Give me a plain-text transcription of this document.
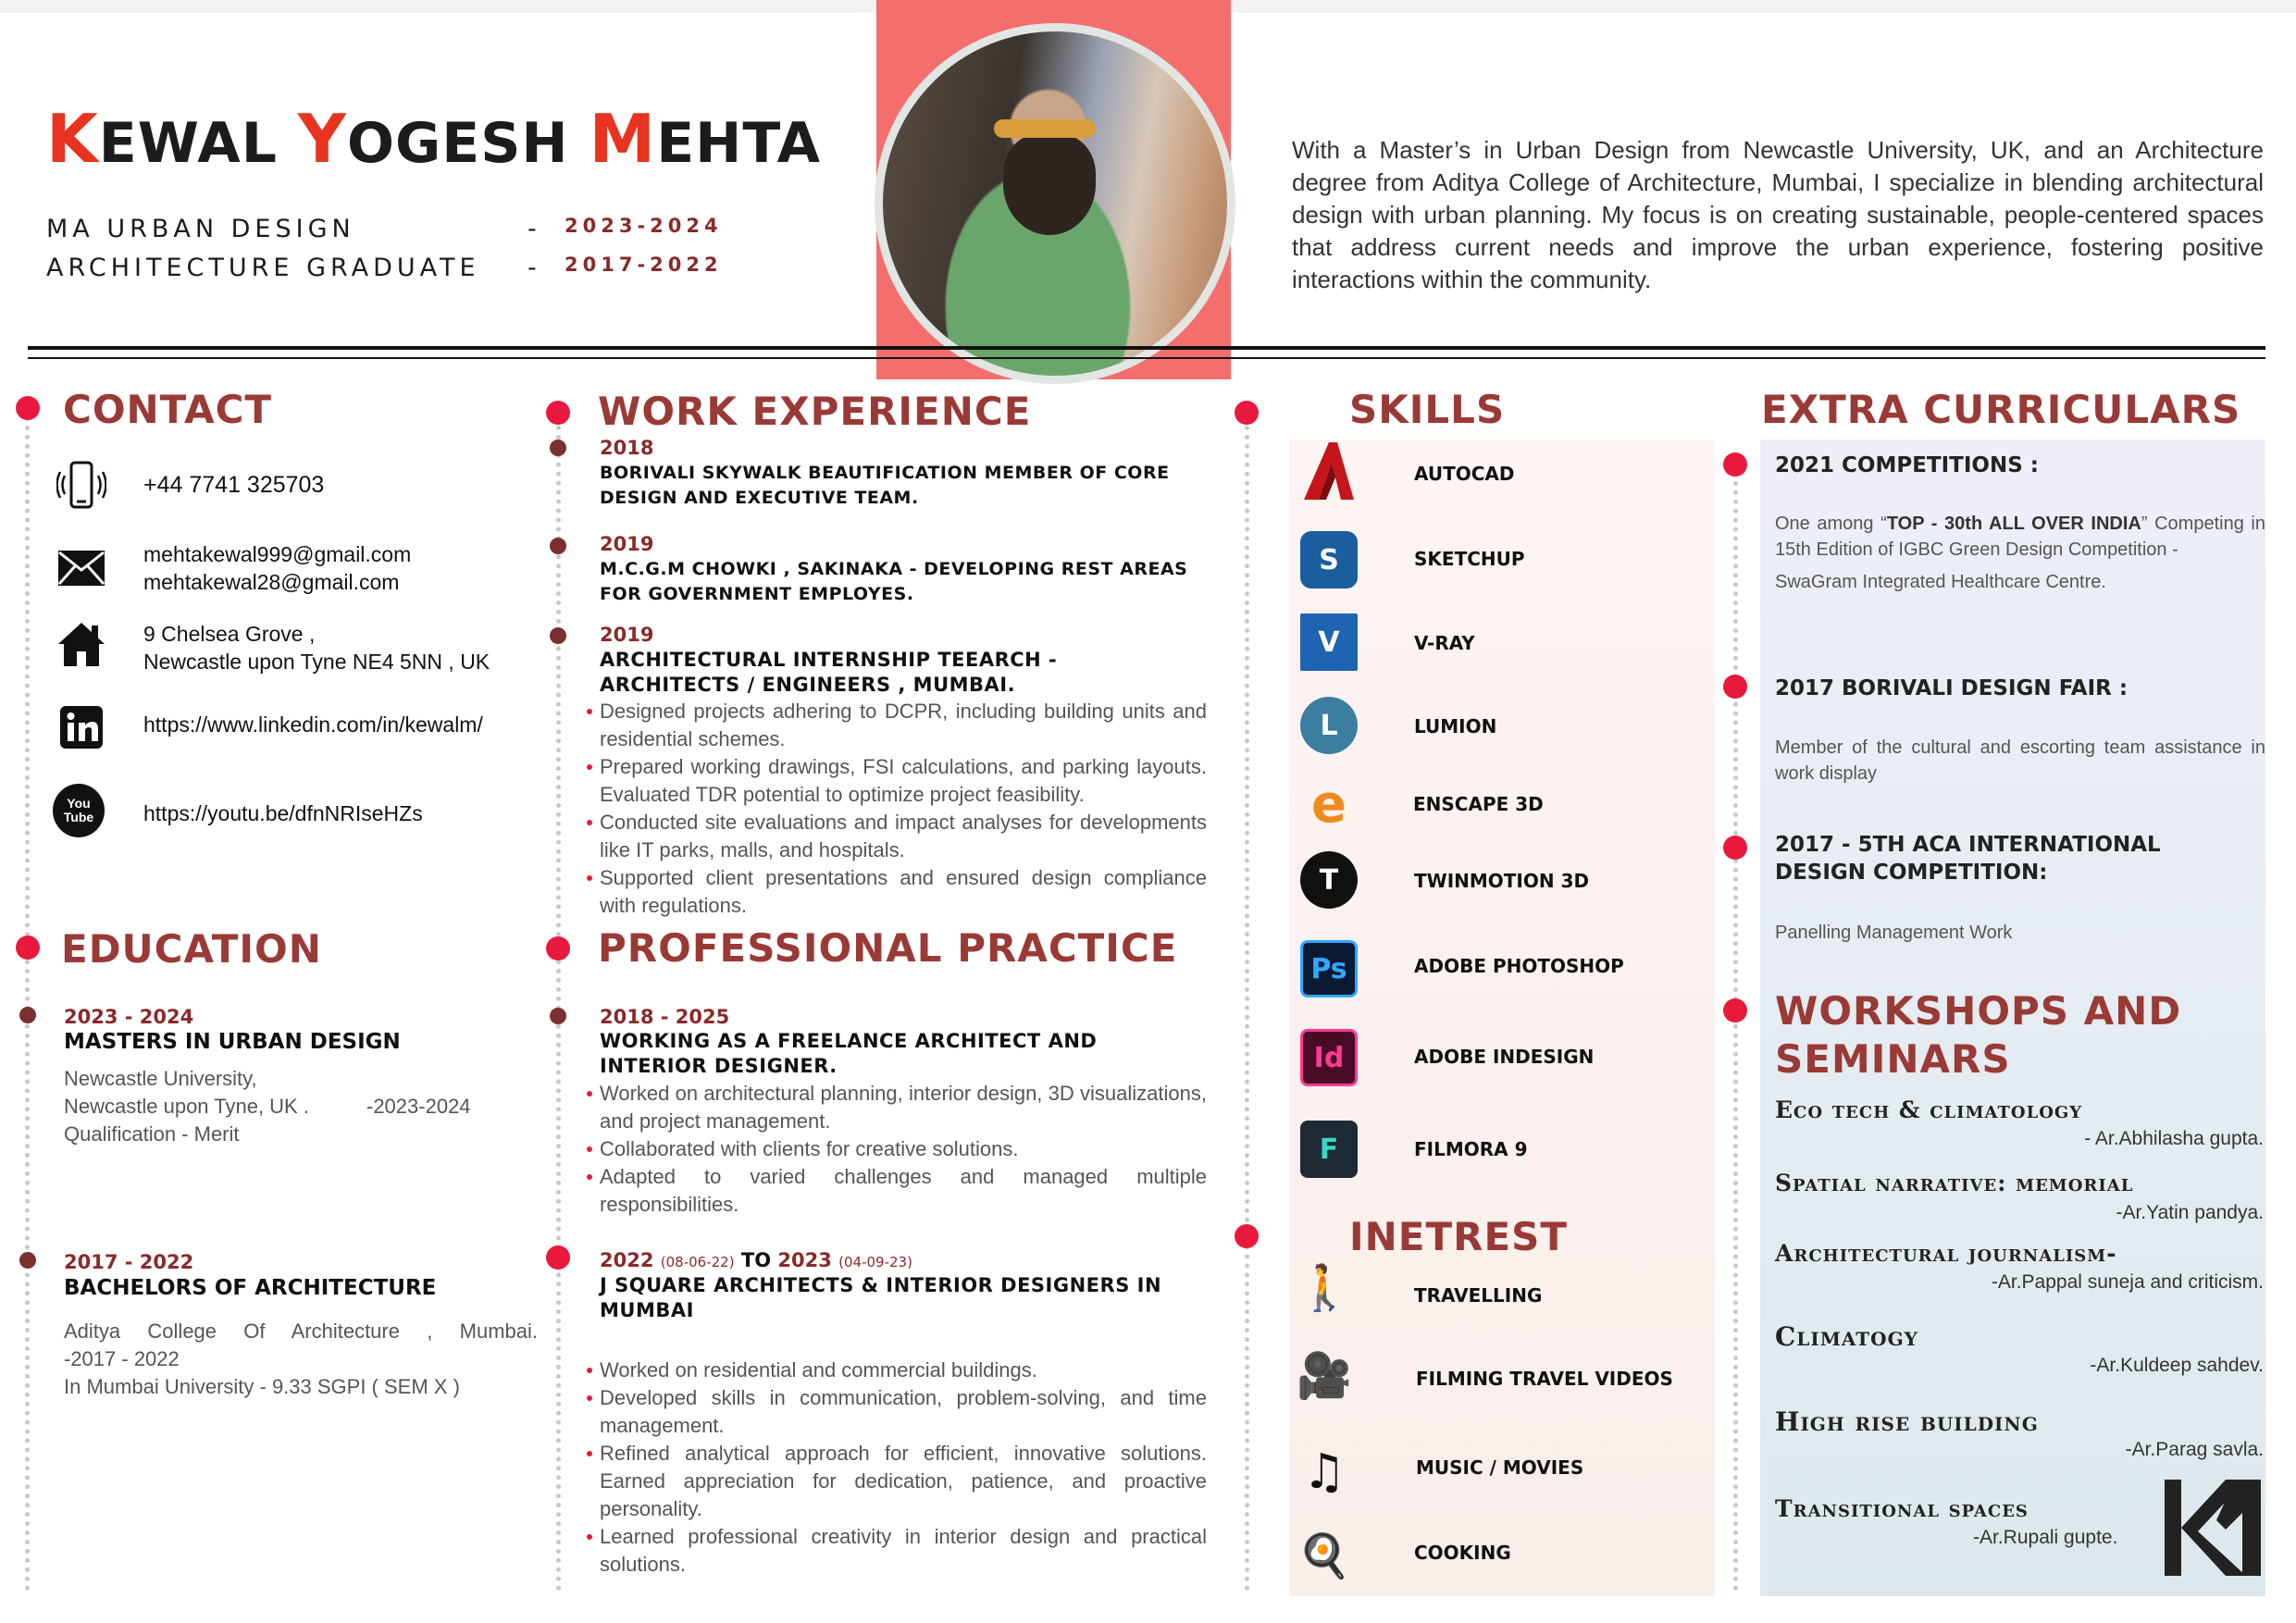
KEWAL YOGESH MEHTA
MA URBAN DESIGN	- 2023-2024
ARCHITECTURE GRADUATE - 2017-2022
With a Master’s in Urban Design from Newcastle University, UK, and an Architecture degree from Aditya College of Architecture, Mumbai, I specialize in blending architectural design with urban planning. My focus is on creating sustainable, people-centered spaces that address current needs and improve the urban experience, fostering positive interactions within the community.
CONTACT
+44 7741 325703
mehtakewal999@gmail.com
mehtakewal28@gmail.com
9 Chelsea Grove ,
Newcastle upon Tyne NE4 5NN , UK
https://www.linkedin.com/in/kewalm/
You Tube	https://youtu.be/dfnNRIseHZs
EDUCATION
2023 - 2024
MASTERS IN URBAN DESIGN
Newcastle University,
Newcastle upon Tyne, UK .	-2023-2024
Qualification - Merit
2017 - 2022
BACHELORS OF ARCHITECTURE
Aditya College Of Architecture , Mumbai.
-2017 - 2022
In Mumbai University - 9.33 SGPI ( SEM X )
WORK EXPERIENCE
2018
BORIVALI SKYWALK BEAUTIFICATION MEMBER OF CORE DESIGN AND EXECUTIVE TEAM.
2019
M.C.G.M CHOWKI , SAKINAKA - DEVELOPING REST AREAS FOR GOVERNMENT EMPLOYES.
2019
ARCHITECTURAL INTERNSHIP TEEARCH - ARCHITECTS / ENGINEERS , MUMBAI.
Designed projects adhering to DCPR, including building units and residential schemes.
Prepared working drawings, FSI calculations, and parking layouts. Evaluated TDR potential to optimize project feasibility.
Conducted site evaluations and impact analyses for developments like IT parks, malls, and hospitals.
Supported client presentations and ensured design compliance with regulations.
PROFESSIONAL PRACTICE
2018 - 2025
WORKING AS A FREELANCE ARCHITECT AND INTERIOR DESIGNER.
Worked on architectural planning, interior design, 3D visualizations, and project management.
Collaborated with clients for creative solutions.
Adapted to varied challenges and managed multiple responsibilities.
2022 (08-06-22) TO 2023 (04-09-23)
J SQUARE ARCHITECTS & INTERIOR DESIGNERS IN MUMBAI
Worked on residential and commercial buildings.
Developed skills in communication, problem-solving, and time management.
Refined analytical approach for efficient, innovative solutions. Earned appreciation for dedication, patience, and proactive personality.
Learned professional creativity in interior design and practical solutions.
SKILLS
AUTOCAD
S	SKETCHUP
V	V-RAY
L	LUMION
e	ENSCAPE 3D
T	TWINMOTION 3D
Ps	ADOBE PHOTOSHOP
Id	ADOBE INDESIGN
F	FILMORA 9
INETREST
🚶	TRAVELLING
🎥	FILMING TRAVEL VIDEOS
♫	MUSIC / MOVIES
🍳	COOKING
EXTRA CURRICULARS
2021 COMPETITIONS :
One among “TOP - 30th ALL OVER INDIA” Competing in 15th Edition of IGBC Green Design Competition -
SwaGram Integrated Healthcare Centre.
2017 BORIVALI DESIGN FAIR :
Member of the cultural and escorting team assistance in work display
2017 - 5TH ACA INTERNATIONAL DESIGN COMPETITION:
Panelling Management Work
WORKSHOPS AND
SEMINARS
Eco tech & climatology
- Ar.Abhilasha gupta.
Spatial narrative: memorial
-Ar.Yatin pandya.
Architectural journalism-
-Ar.Pappal suneja and criticism.
Climatogy
-Ar.Kuldeep sahdev.
High rise building
-Ar.Parag savla.
Transitional spaces
-Ar.Rupali gupte.
